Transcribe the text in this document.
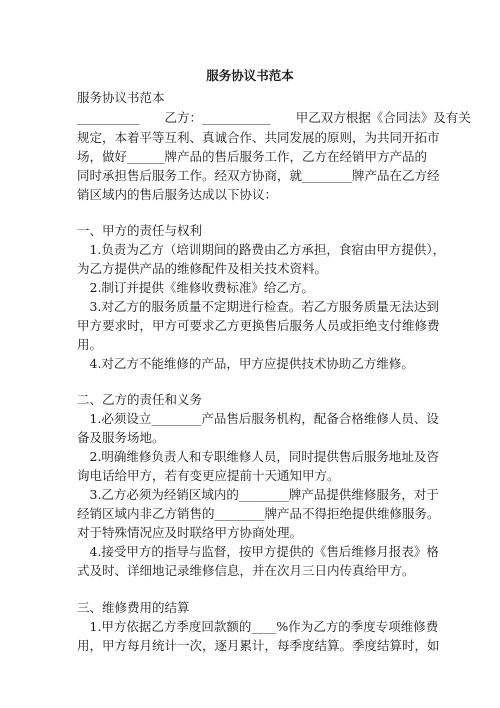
服务协议书范本
服务协议书范本
__________　　乙方：___________　　甲乙双方根据《合同法》及有关
规定，本着平等互利、真诚合作、共同发展的原则，为共同开拓市
场，做好______牌产品的售后服务工作，乙方在经销甲方产品的
同时承担售后服务工作。经双方协商，就________牌产品在乙方经
销区域内的售后服务达成以下协议：
一、甲方的责任与权利
　1.负责为乙方（培训期间的路费由乙方承担，食宿由甲方提供），
为乙方提供产品的维修配件及相关技术资料。
　2.制订并提供《维修收费标准》给乙方。
　3.对乙方的服务质量不定期进行检查。若乙方服务质量无法达到
甲方要求时，甲方可要求乙方更换售后服务人员或拒绝支付维修费
用。
　4.对乙方不能维修的产品，甲方应提供技术协助乙方维修。
二、乙方的责任和义务
　1.必须设立________产品售后服务机构，配备合格维修人员、设
备及服务场地。
　2.明确维修负责人和专职维修人员，同时提供售后服务地址及咨
询电话给甲方，若有变更应提前十天通知甲方。
　3.乙方必须为经销区域内的________牌产品提供维修服务，对于
经销区域内非乙方销售的________牌产品不得拒绝提供维修服务。
对于特殊情况应及时联络甲方协商处理。
　4.接受甲方的指导与监督，按甲方提供的《售后维修月报表》格
式及时、详细地记录维修信息，并在次月三日内传真给甲方。
三、维修费用的结算
　1.甲方依据乙方季度回款额的____%作为乙方的季度专项维修费
用，甲方每月统计一次，逐月累计，每季度结算。季度结算时，如
